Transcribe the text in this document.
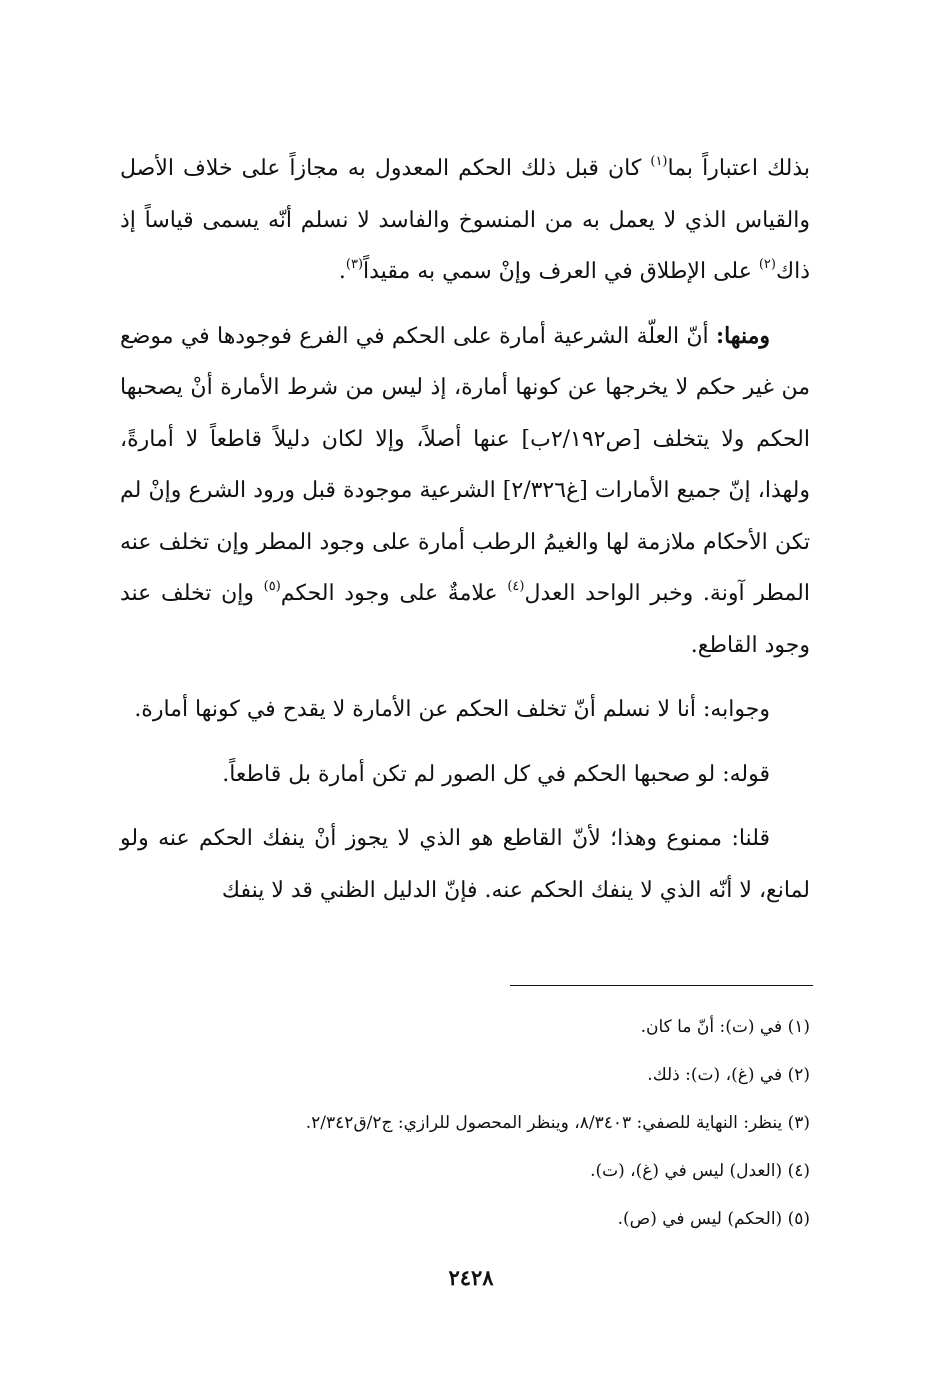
بذلك اعتباراً بما$^{(١)}$ كان قبل ذلك الحكم المعدول به مجازاً على خلاف الأصل والقياس الذي لا يعمل به من المنسوخ والفاسد لا نسلم أنّه يسمى قياساً إذ ذاك$^{(٢)}$ على الإطلاق في العرف وإنْ سمي به مقيداً$^{(٣)}$.

ومنها: أنّ العلّة الشرعية أمارة على الحكم في الفرع فوجودها في موضع من غير حكم لا يخرجها عن كونها أمارة، إذ ليس من شرط الأمارة أنْ يصحبها الحكم ولا يتخلف [ص٢/١٩٢ب] عنها أصلاً، وإلا لكان دليلاً قاطعاً لا أمارةً، ولهذا، إنّ جميع الأمارات [غ٢/٣٢٦] الشرعية موجودة قبل ورود الشرع وإنْ لم تكن الأحكام ملازمة لها والغيمُ الرطب أمارة على وجود المطر وإن تخلف عنه المطر آونة. وخبر الواحد العدل$^{(٤)}$ علامةٌ على وجود الحكم$^{(٥)}$ وإن تخلف عند وجود القاطع.

وجوابه: أنا لا نسلم أنّ تخلف الحكم عن الأمارة لا يقدح في كونها أمارة.

قوله: لو صحبها الحكم في كل الصور لم تكن أمارة بل قاطعاً.

قلنا: ممنوع وهذا؛ لأنّ القاطع هو الذي لا يجوز أنْ ينفك الحكم عنه ولو لمانع، لا أنّه الذي لا ينفك الحكم عنه. فإنّ الدليل الظني قد لا ينفك

(١) في (ت): أنّ ما كان.

(٢) في (غ)، (ت): ذلك.

(٣) ينظر: النهاية للصفي: ٨/٣٤٠٣، وينظر المحصول للرازي: ج٢/ق٢/٣٤٢.

(٤) (العدل) ليس في (غ)، (ت).

(٥) (الحكم) ليس في (ص).

٢٤٢٨
